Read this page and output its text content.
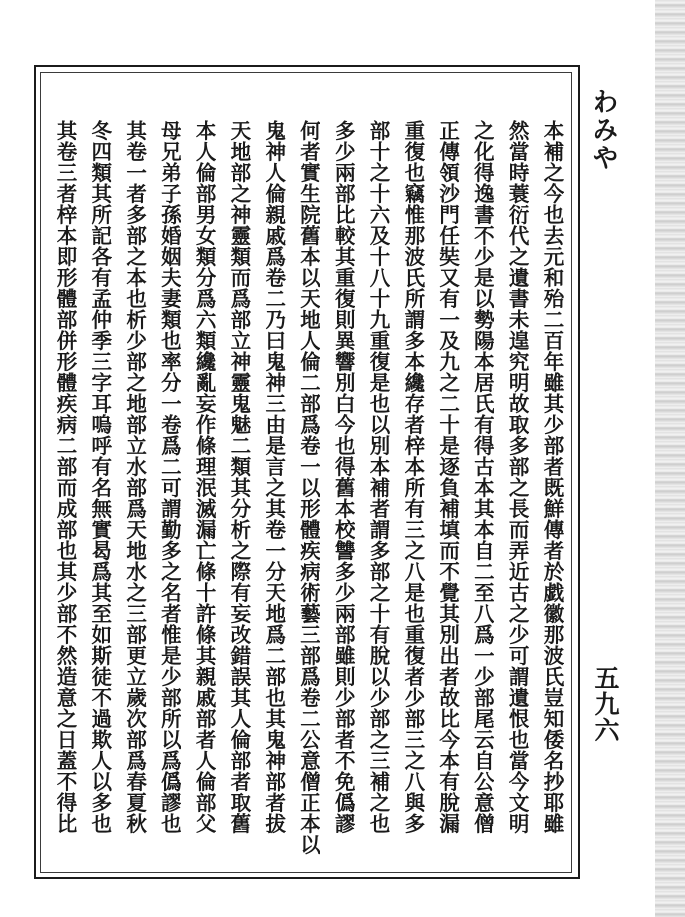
わみや
五九六
本補之今也去元和殆二百年雖其少部者既鮮傳者於戯徽那波氏豈知倭名抄耶雖
然當時蓑衍代之遺書未遑究明故取多部之長而弄近古之少可謂遺恨也當今文明
之化得逸書不少是以勢陽本居氏有得古本其本自二至八爲一少部尾云自公意僧
正傳領沙門任奘又有一及九之二十是逐負補填而不覺其別出者故比今本有脫漏
重復也竊惟那波氏所謂多本纔存者梓本所有三之八是也重復者少部三之八與多
部十之十六及十八十九重復是也以別本補者謂多部之十有脫以少部之三補之也
多少兩部比較其重復則異響別白今也得舊本校讐多少兩部雖則少部者不免僞謬
何者實生院舊本以天地人倫二部爲卷一以形體疾病術藝三部爲卷二公意僧正本以
鬼神人倫親戚爲卷二乃曰鬼神三由是言之其卷一分天地爲二部也其鬼神部者拔
天地部之神靈類而爲部立神靈鬼魅二類其分析之際有妄改錯誤其人倫部者取舊
本人倫部男女類分爲六類纔亂妄作條理泯滅漏亡條十許條其親戚部者人倫部父
母兄弟子孫婚姻夫妻類也率分一卷爲二可謂勤多之名者惟是少部所以爲僞謬也
其卷一者多部之本也析少部之地部立水部爲天地水之三部更立歲次部爲春夏秋
冬四類其所記各有孟仲季三字耳嗚呼有名無實曷爲其至如斯徒不過欺人以多也
其卷三者梓本即形體部併形體疾病二部而成部也其少部不然造意之日蓋不得比
